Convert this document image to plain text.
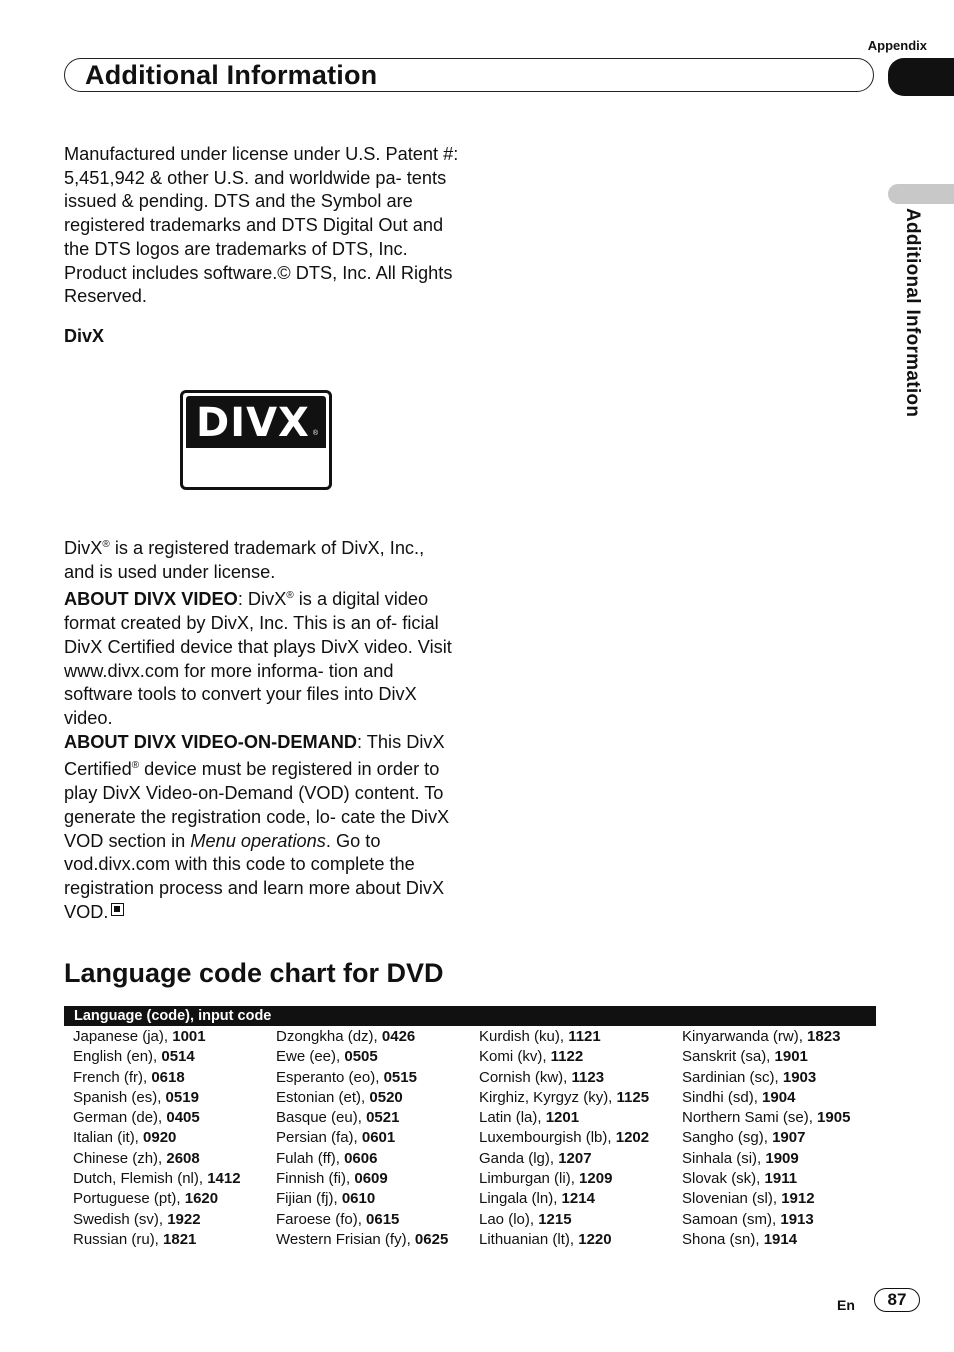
Appendix
Additional Information
Additional Information

Manufactured under license under U.S. Patent #: 5,451,942 & other U.S. and worldwide pa- tents issued & pending. DTS and the Symbol are registered trademarks and DTS Digital Out and the DTS logos are trademarks of DTS, Inc. Product includes software.© DTS, Inc. All Rights Reserved.

DivX
DIVX ®

DivX® is a registered trademark of DivX, Inc., and is used under license.

ABOUT DIVX VIDEO: DivX® is a digital video format created by DivX, Inc. This is an of- ficial DivX Certified device that plays DivX video. Visit www.divx.com for more informa- tion and software tools to convert your files into DivX video.

ABOUT DIVX VIDEO-ON-DEMAND: This DivX Certified® device must be registered in order to play DivX Video-on-Demand (VOD) content. To generate the registration code, lo- cate the DivX VOD section in Menu operations. Go to vod.divx.com with this code to complete the registration process and learn more about DivX VOD.

Language code chart for DVD
Language (code), input code
Japanese (ja), 1001
English (en), 0514
French (fr), 0618
Spanish (es), 0519
German (de), 0405
Italian (it), 0920
Chinese (zh), 2608
Dutch, Flemish (nl), 1412
Portuguese (pt), 1620
Swedish (sv), 1922
Russian (ru), 1821
Dzongkha (dz), 0426
Ewe (ee), 0505
Esperanto (eo), 0515
Estonian (et), 0520
Basque (eu), 0521
Persian (fa), 0601
Fulah (ff), 0606
Finnish (fi), 0609
Fijian (fj), 0610
Faroese (fo), 0615
Western Frisian (fy), 0625
Kurdish (ku), 1121
Komi (kv), 1122
Cornish (kw), 1123
Kirghiz, Kyrgyz (ky), 1125
Latin (la), 1201
Luxembourgish (lb), 1202
Ganda (lg), 1207
Limburgan (li), 1209
Lingala (ln), 1214
Lao (lo), 1215
Lithuanian (lt), 1220
Kinyarwanda (rw), 1823
Sanskrit (sa), 1901
Sardinian (sc), 1903
Sindhi (sd), 1904
Northern Sami (se), 1905
Sangho (sg), 1907
Sinhala (si), 1909
Slovak (sk), 1911
Slovenian (sl), 1912
Samoan (sm), 1913
Shona (sn), 1914
En	87
